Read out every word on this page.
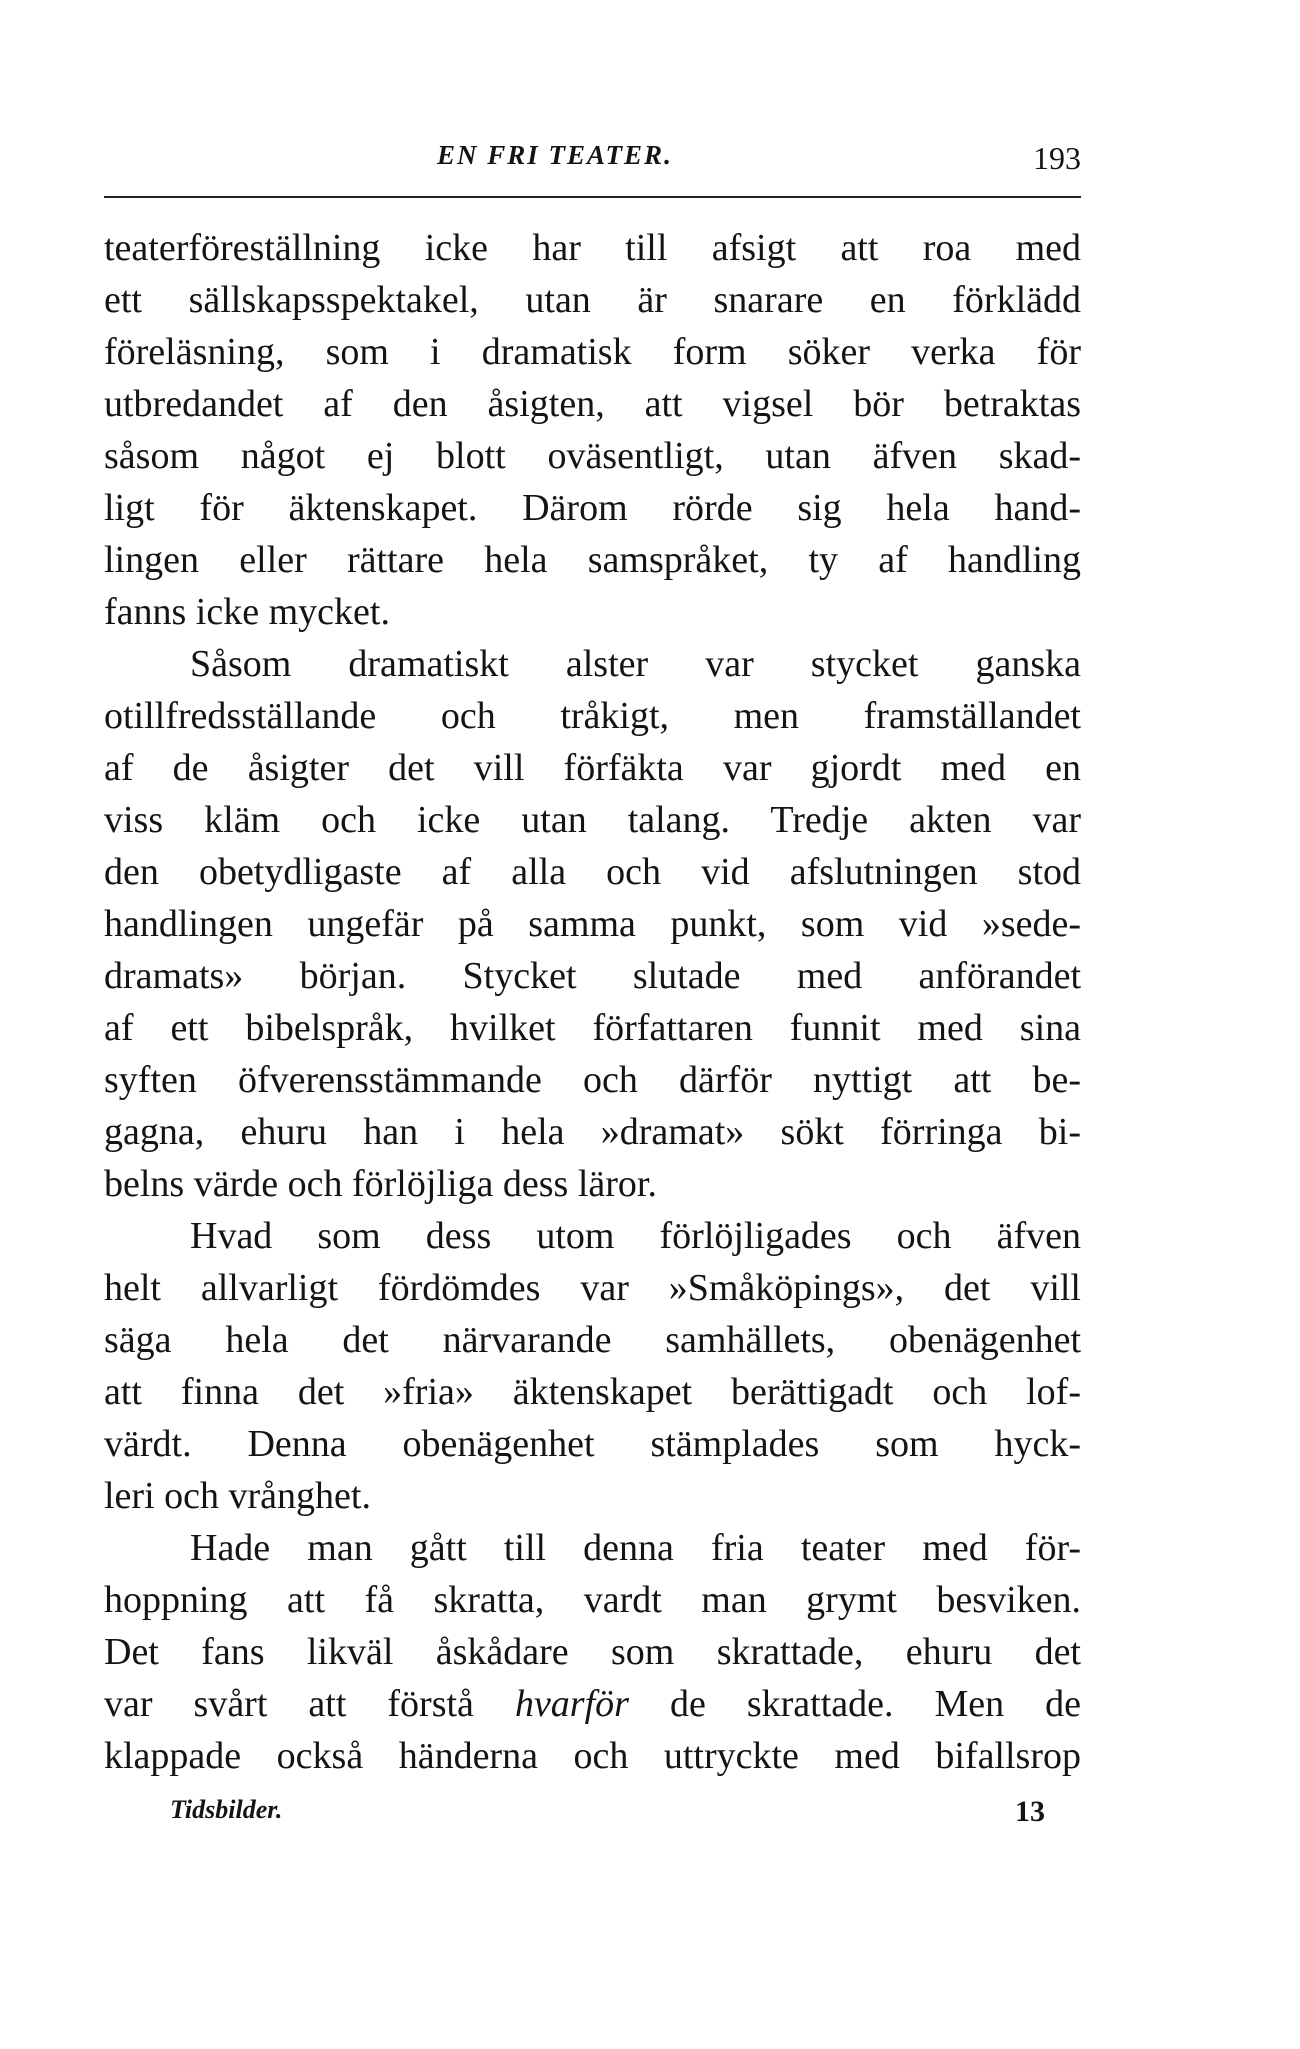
EN FRI TEATER.	193
teaterföreställning icke har till afsigt att roa med
ett sällskapsspektakel, utan är snarare en förklädd
föreläsning, som i dramatisk form söker verka för
utbredandet af den åsigten, att vigsel bör betraktas
såsom något ej blott oväsentligt, utan äfven skad-
ligt för äktenskapet. Därom rörde sig hela hand-
lingen eller rättare hela samspråket, ty af handling
fanns icke mycket.
Såsom dramatiskt alster var stycket ganska
otillfredsställande och tråkigt, men framställandet
af de åsigter det vill förfäkta var gjordt med en
viss kläm och icke utan talang. Tredje akten var
den obetydligaste af alla och vid afslutningen stod
handlingen ungefär på samma punkt, som vid »sede-
dramats» början. Stycket slutade med anförandet
af ett bibelspråk, hvilket författaren funnit med sina
syften öfverensstämmande och därför nyttigt att be-
gagna, ehuru han i hela »dramat» sökt förringa bi-
belns värde och förlöjliga dess läror.
Hvad som dess utom förlöjligades och äfven
helt allvarligt fördömdes var »Småköpings», det vill
säga hela det närvarande samhällets, obenägenhet
att finna det »fria» äktenskapet berättigadt och lof-
värdt. Denna obenägenhet stämplades som hyck-
leri och vrånghet.
Hade man gått till denna fria teater med för-
hoppning att få skratta, vardt man grymt besviken.
Det fans likväl åskådare som skrattade, ehuru det
var svårt att förstå hvarför de skrattade. Men de
klappade också händerna och uttryckte med bifallsrop
Tidsbilder.	13
